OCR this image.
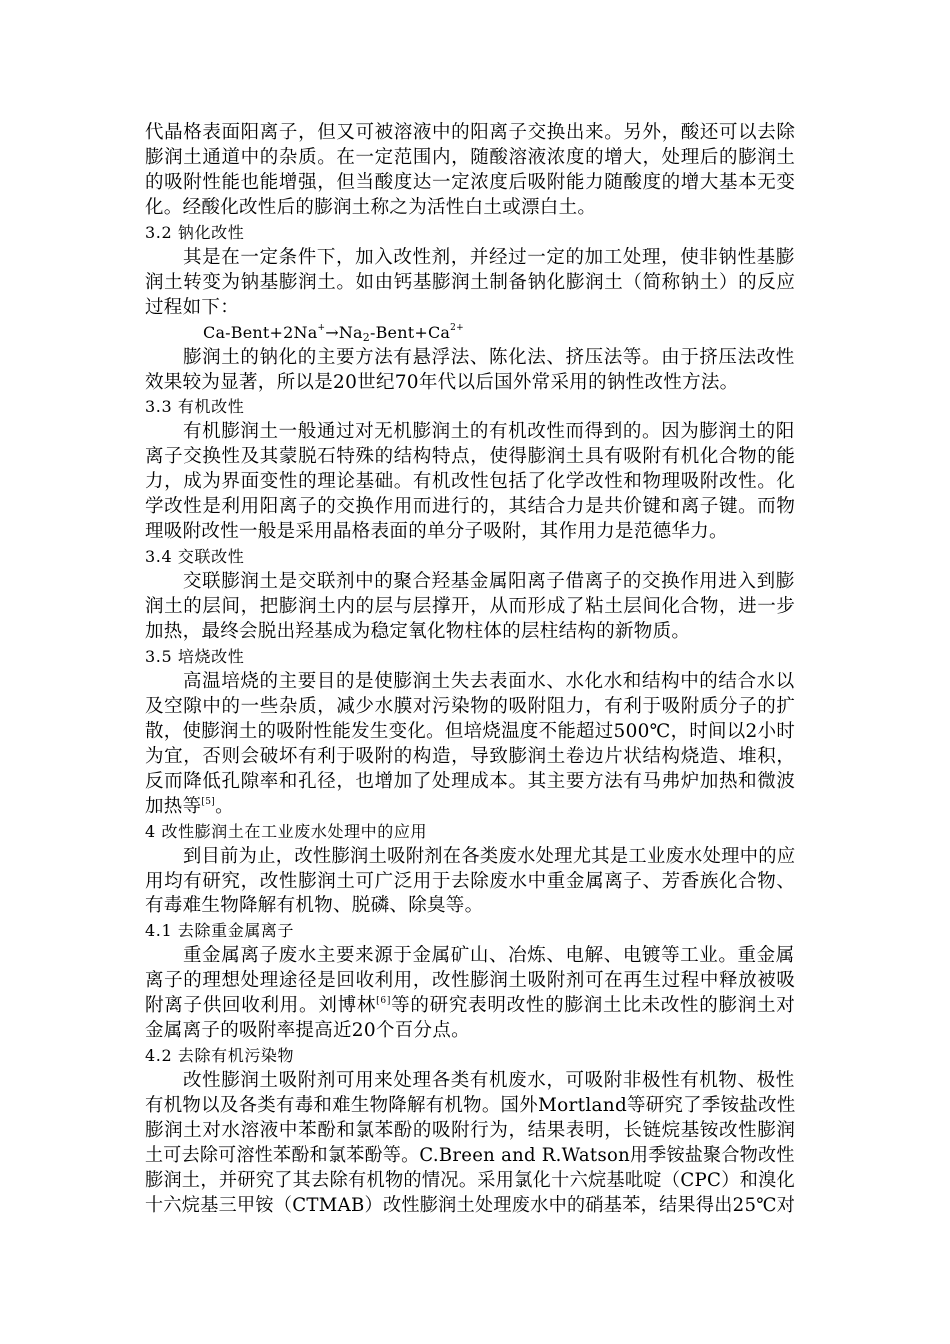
代晶格表面阳离子，但又可被溶液中的阳离子交换出来。另外，酸还可以去除
膨润土通道中的杂质。在一定范围内，随酸溶液浓度的增大，处理后的膨润土
的吸附性能也能增强，但当酸度达一定浓度后吸附能力随酸度的增大基本无变
化。经酸化改性后的膨润土称之为活性白土或漂白土。
3.2 钠化改性
其是在一定条件下，加入改性剂，并经过一定的加工处理，使非钠性基膨
润土转变为钠基膨润土。如由钙基膨润土制备钠化膨润土（简称钠土）的反应
过程如下：
$Ca-Bent+2Na^+\to Na_2-Bent+Ca^{2+}$
膨润土的钠化的主要方法有悬浮法、陈化法、挤压法等。由于挤压法改性
效果较为显著，所以是20世纪70年代以后国外常采用的钠性改性方法。
3.3 有机改性
有机膨润土一般通过对无机膨润土的有机改性而得到的。因为膨润土的阳
离子交换性及其蒙脱石特殊的结构特点，使得膨润土具有吸附有机化合物的能
力，成为界面变性的理论基础。有机改性包括了化学改性和物理吸附改性。化
学改性是利用阳离子的交换作用而进行的，其结合力是共价键和离子键。而物
理吸附改性一般是采用晶格表面的单分子吸附，其作用力是范德华力。
3.4 交联改性
交联膨润土是交联剂中的聚合羟基金属阳离子借离子的交换作用进入到膨
润土的层间，把膨润土内的层与层撑开，从而形成了粘土层间化合物，进一步
加热，最终会脱出羟基成为稳定氧化物柱体的层柱结构的新物质。
3.5 培烧改性
高温培烧的主要目的是使膨润土失去表面水、水化水和结构中的结合水以
及空隙中的一些杂质，减少水膜对污染物的吸附阻力，有利于吸附质分子的扩
散，使膨润土的吸附性能发生变化。但培烧温度不能超过500℃，时间以2小时
为宜，否则会破坏有利于吸附的构造，导致膨润土卷边片状结构烧造、堆积，
反而降低孔隙率和孔径，也增加了处理成本。其主要方法有马弗炉加热和微波
加热等[5]。
4 改性膨润土在工业废水处理中的应用
到目前为止，改性膨润土吸附剂在各类废水处理尤其是工业废水处理中的应
用均有研究，改性膨润土可广泛用于去除废水中重金属离子、芳香族化合物、
有毒难生物降解有机物、脱磷、除臭等。
4.1 去除重金属离子
重金属离子废水主要来源于金属矿山、冶炼、电解、电镀等工业。重金属
离子的理想处理途径是回收利用，改性膨润土吸附剂可在再生过程中释放被吸
附离子供回收利用。刘博林[6]等的研究表明改性的膨润土比未改性的膨润土对
金属离子的吸附率提高近20个百分点。
4.2 去除有机污染物
改性膨润土吸附剂可用来处理各类有机废水，可吸附非极性有机物、极性
有机物以及各类有毒和难生物降解有机物。国外Mortland等研究了季铵盐改性
膨润土对水溶液中苯酚和氯苯酚的吸附行为，结果表明，长链烷基铵改性膨润
土可去除可溶性苯酚和氯苯酚等。C.Breen and R.Watson用季铵盐聚合物改性
膨润土，并研究了其去除有机物的情况。采用氯化十六烷基吡啶（CPC）和溴化
十六烷基三甲铵（CTMAB）改性膨润土处理废水中的硝基苯，结果得出25℃对
